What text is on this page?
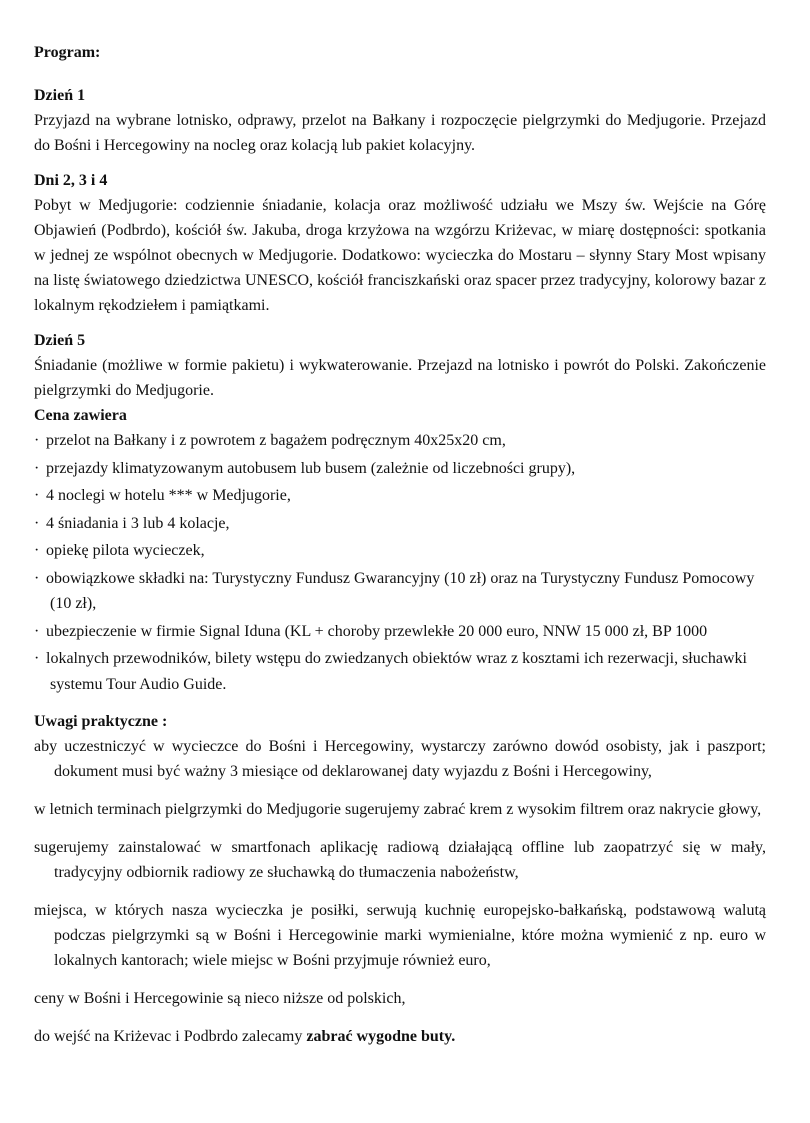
Program:
Dzień 1

Przyjazd na wybrane lotnisko, odprawy, przelot na Bałkany i rozpoczęcie pielgrzymki do Medjugorie. Przejazd do Bośni i Hercegowiny na nocleg oraz kolacją lub pakiet kolacyjny.

Dni 2, 3 i 4

Pobyt w Medjugorie: codziennie śniadanie, kolacja oraz możliwość udziału we Mszy św. Wejście na Górę Objawień (Podbrdo), kościół św. Jakuba, droga krzyżowa na wzgórzu Kriżevac, w miarę dostępności: spotkania w jednej ze wspólnot obecnych w Medjugorie. Dodatkowo: wycieczka do Mostaru – słynny Stary Most wpisany na listę światowego dziedzictwa UNESCO, kościół franciszkański oraz spacer przez tradycyjny, kolorowy bazar z lokalnym rękodziełem i pamiątkami.

Dzień 5

Śniadanie (możliwe w formie pakietu) i wykwaterowanie. Przejazd na lotnisko i powrót do Polski. Zakończenie pielgrzymki do Medjugorie.

Cena zawiera
· przelot na Bałkany i z powrotem z bagażem podręcznym 40x25x20 cm,
· przejazdy klimatyzowanym autobusem lub busem (zależnie od liczebności grupy),
· 4 noclegi w hotelu *** w Medjugorie,
· 4 śniadania i 3 lub 4 kolacje,
· opiekę pilota wycieczek,
· obowiązkowe składki na: Turystyczny Fundusz Gwarancyjny (10 zł) oraz na Turystyczny Fundusz Pomocowy (10 zł),
· ubezpieczenie w firmie Signal Iduna (KL + choroby przewlekłe 20 000 euro, NNW 15 000 zł, BP 1000
· lokalnych przewodników, bilety wstępu do zwiedzanych obiektów wraz z kosztami ich rezerwacji, słuchawki systemu Tour Audio Guide.
Uwagi praktyczne :
aby uczestniczyć w wycieczce do Bośni i Hercegowiny, wystarczy zarówno dowód osobisty, jak i paszport; dokument musi być ważny 3 miesiące od deklarowanej daty wyjazdu z Bośni i Hercegowiny,
w letnich terminach pielgrzymki do Medjugorie sugerujemy zabrać krem z wysokim filtrem oraz nakrycie głowy,
sugerujemy zainstalować w smartfonach aplikację radiową działającą offline lub zaopatrzyć się w mały, tradycyjny odbiornik radiowy ze słuchawką do tłumaczenia nabożeństw,
miejsca, w których nasza wycieczka je posiłki, serwują kuchnię europejsko-bałkańską, podstawową walutą podczas pielgrzymki są w Bośni i Hercegowinie marki wymienialne, które można wymienić z np. euro w lokalnych kantorach; wiele miejsc w Bośni przyjmuje również euro,
ceny w Bośni i Hercegowinie są nieco niższe od polskich,
do wejść na Kriżevac i Podbrdo zalecamy zabrać wygodne buty.
